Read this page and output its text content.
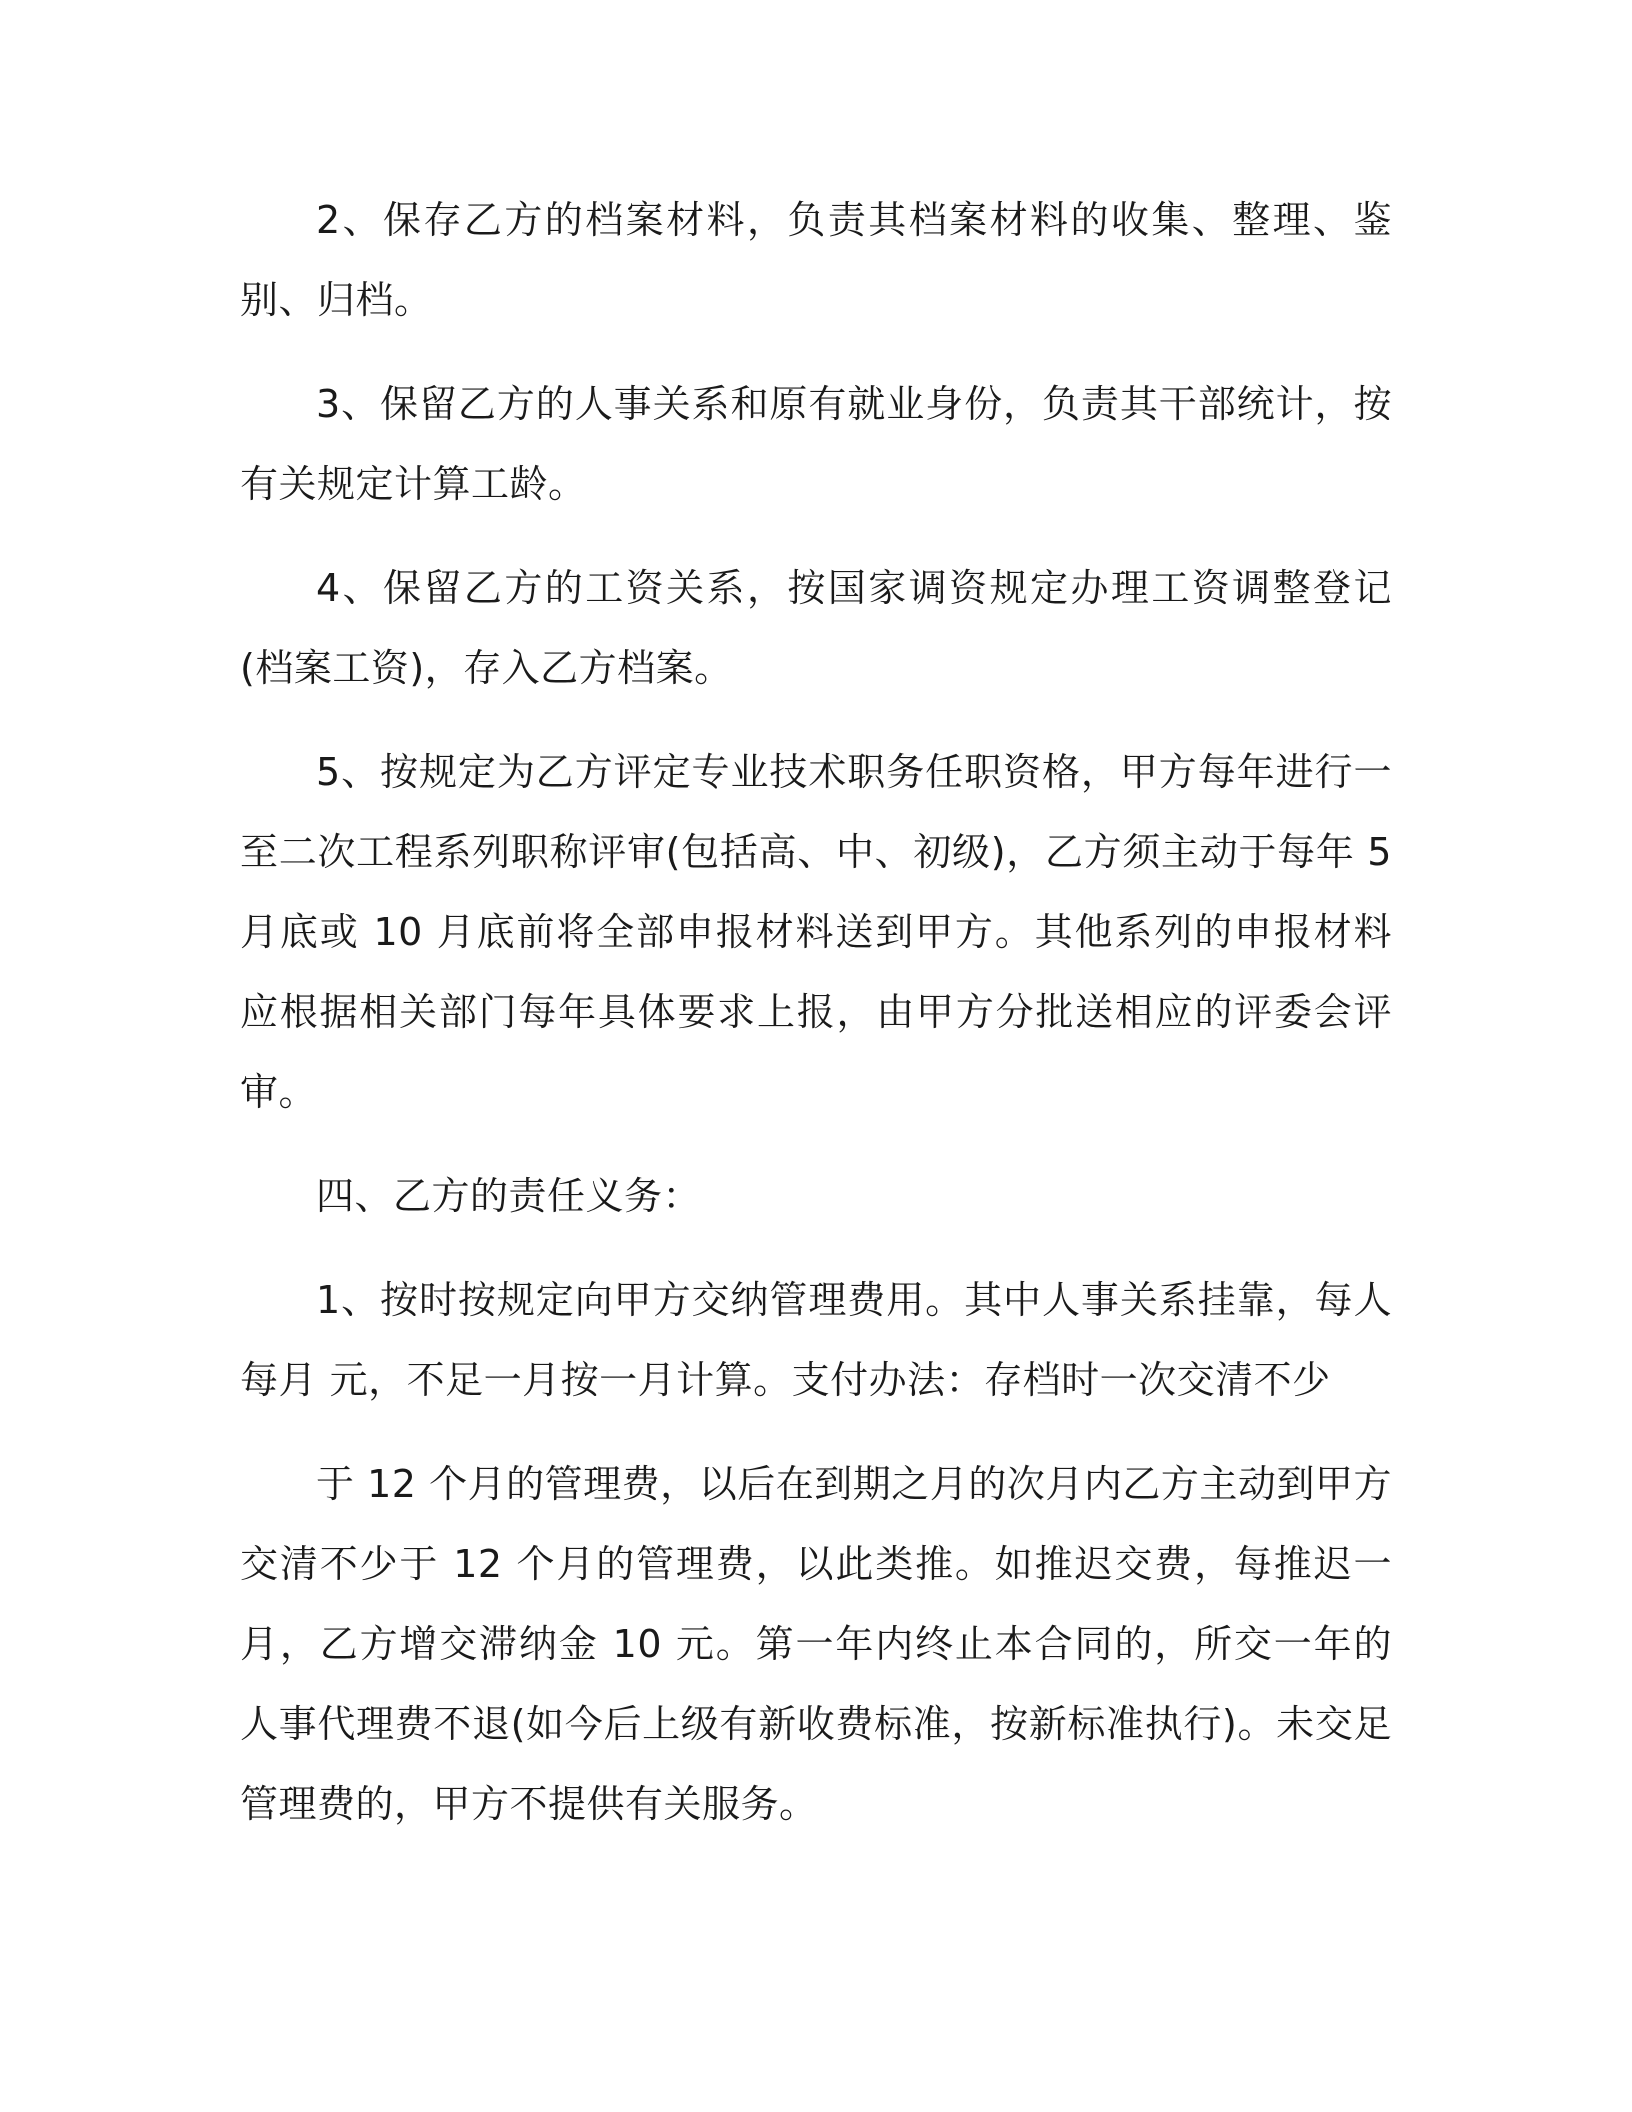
2、保存乙方的档案材料，负责其档案材料的收集、整理、鉴别、归档。

3、保留乙方的人事关系和原有就业身份，负责其干部统计，按有关规定计算工龄。

4、保留乙方的工资关系，按国家调资规定办理工资调整登记(档案工资)，存入乙方档案。

5、按规定为乙方评定专业技术职务任职资格，甲方每年进行一至二次工程系列职称评审(包括高、中、初级)，乙方须主动于每年 5 月底或 10 月底前将全部申报材料送到甲方。其他系列的申报材料应根据相关部门每年具体要求上报，由甲方分批送相应的评委会评审。

四、乙方的责任义务：

1、按时按规定向甲方交纳管理费用。其中人事关系挂靠，每人每月 元，不足一月按一月计算。支付办法：存档时一次交清不少

于 12 个月的管理费，以后在到期之月的次月内乙方主动到甲方交清不少于 12 个月的管理费，以此类推。如推迟交费，每推迟一月，乙方增交滞纳金 10 元。第一年内终止本合同的，所交一年的人事代理费不退(如今后上级有新收费标准，按新标准执行)。未交足管理费的，甲方不提供有关服务。
